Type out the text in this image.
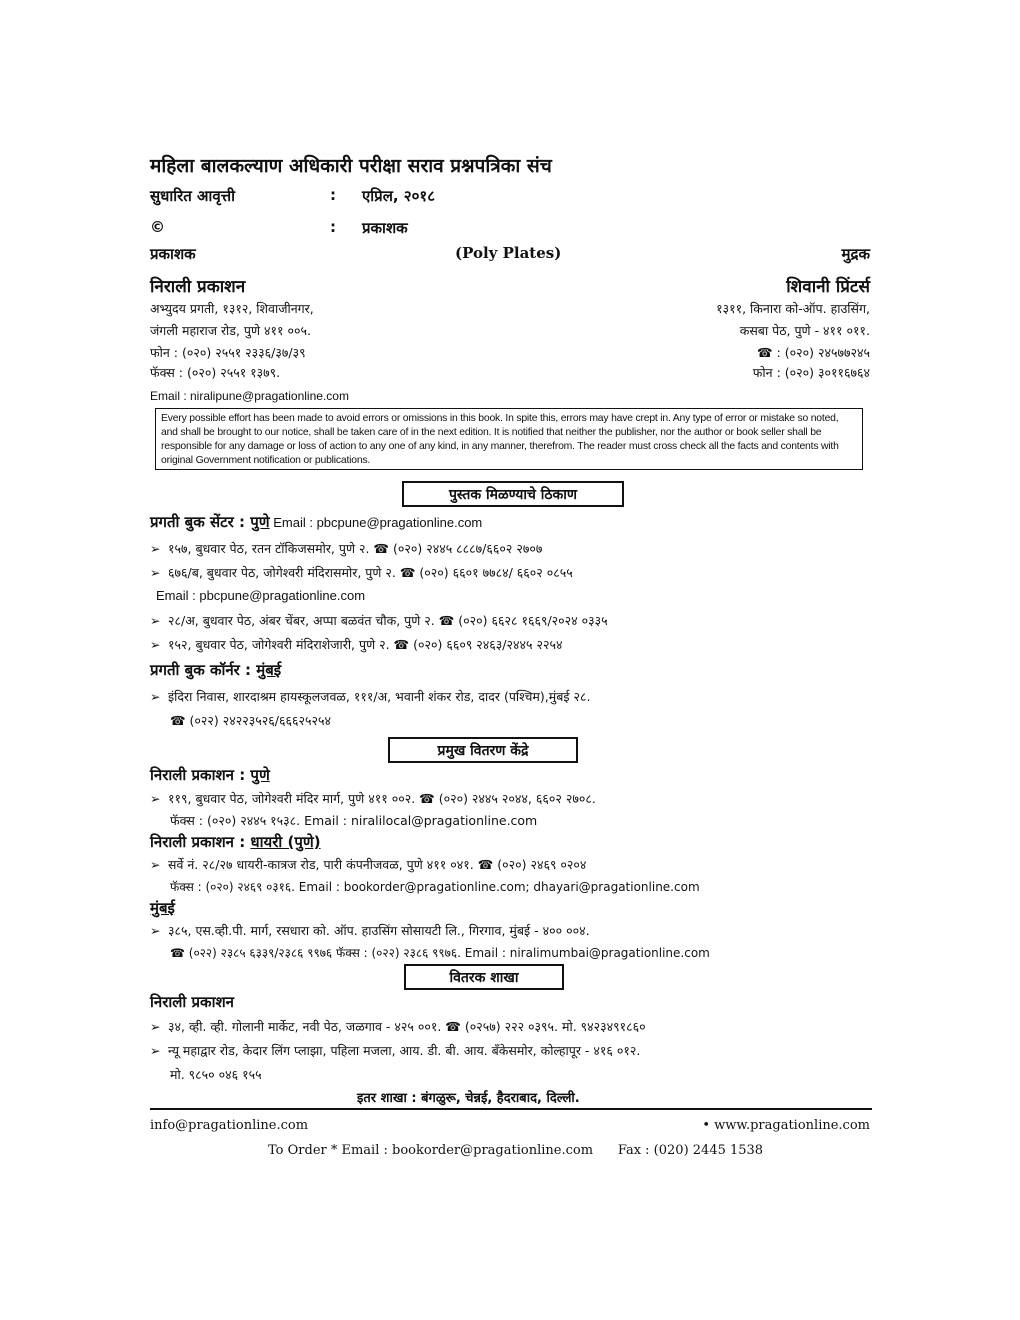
महिला बालकल्याण अधिकारी परीक्षा सराव प्रश्नपत्रिका संच
सुधारित आवृत्ती	: एप्रिल, २०१८
©	: प्रकाशक
प्रकाशक	(Poly Plates)	मुद्रक
निराली प्रकाशन
अभ्युदय प्रगती, १३१२, शिवाजीनगर,
जंगली महाराज रोड, पुणे ४११ ००५.
फोन : (०२०) २५५१ २३३६/३७/३९
फॅक्स : (०२०) २५५१ १३७९.
Email : niralipune@pragationline.com
शिवानी प्रिंटर्स
१३११, किनारा को-ऑप. हाउसिंग,
कसबा पेठ, पुणे - ४११ ०११.
☎ : (०२०) २४५७७२४५
फोन : (०२०) ३०११६७६४
Every possible effort has been made to avoid errors or omissions in this book. In spite this, errors may have crept in. Any type of error or mistake so noted, and shall be brought to our notice, shall be taken care of in the next edition. It is notified that neither the publisher, nor the author or book seller shall be responsible for any damage or loss of action to any one of any kind, in any manner, therefrom. The reader must cross check all the facts and contents with original Government notification or publications.
पुस्तक मिळण्याचे ठिकाण
प्रगती बुक सेंटर : पुणे Email : pbcpune@pragationline.com
➢ १५७, बुधवार पेठ, रतन टॉकिजसमोर, पुणे २. ☎ (०२०) २४४५ ८८८७/६६०२ २७०७
➢ ६७६/ब, बुधवार पेठ, जोगेश्वरी मंदिरासमोर, पुणे २. ☎ (०२०) ६६०१ ७७८४/ ६६०२ ०८५५
Email : pbcpune@pragationline.com
➢ २८/अ, बुधवार पेठ, अंबर चेंबर, अप्पा बळवंत चौक, पुणे २. ☎ (०२०) ६६२८ १६६९/२०२४ ०३३५
➢ १५२, बुधवार पेठ, जोगेश्वरी मंदिराशेजारी, पुणे २. ☎ (०२०) ६६०९ २४६३/२४४५ २२५४
प्रगती बुक कॉर्नर : मुंबई
➢ इंदिरा निवास, शारदाश्रम हायस्कूलजवळ, १११/अ, भवानी शंकर रोड, दादर (पश्चिम),मुंबई २८.
☎ (०२२) २४२२३५२६/६६६२५२५४
प्रमुख वितरण केंद्रे
निराली प्रकाशन : पुणे
➢ ११९, बुधवार पेठ, जोगेश्वरी मंदिर मार्ग, पुणे ४११ ००२. ☎ (०२०) २४४५ २०४४, ६६०२ २७०८.
फॅक्स : (०२०) २४४५ १५३८. Email : niralilocal@pragationline.com
निराली प्रकाशन : धायरी (पुणे)
➢ सर्वे नं. २८/२७ धायरी-कात्रज रोड, पारी कंपनीजवळ, पुणे ४११ ०४१. ☎ (०२०) २४६९ ०२०४
फॅक्स : (०२०) २४६९ ०३१६. Email : bookorder@pragationline.com; dhayari@pragationline.com
मुंबई
➢ ३८५, एस.व्ही.पी. मार्ग, रसधारा को. ऑप. हाउसिंग सोसायटी लि., गिरगाव, मुंबई - ४०० ००४.
☎ (०२२) २३८५ ६३३९/२३८६ ९९७६ फॅक्स : (०२२) २३८६ ९९७६. Email : niralimumbai@pragationline.com
वितरक शाखा
निराली प्रकाशन
➢ ३४, व्ही. व्ही. गोलानी मार्केट, नवी पेठ, जळगाव - ४२५ ००१. ☎ (०२५७) २२२ ०३९५. मो. ९४२३४९१८६०
➢ न्यू महाद्वार रोड, केदार लिंग प्लाझा, पहिला मजला, आय. डी. बी. आय. बँकेसमोर, कोल्हापूर - ४१६ ०१२.
मो. ९८५० ०४६ १५५
इतर शाखा : बंगळुरू, चेन्नई, हैदराबाद, दिल्ली.
info@pragationline.com	• www.pragationline.com
To Order * Email : bookorder@pragationline.com      Fax : (020) 2445 1538
